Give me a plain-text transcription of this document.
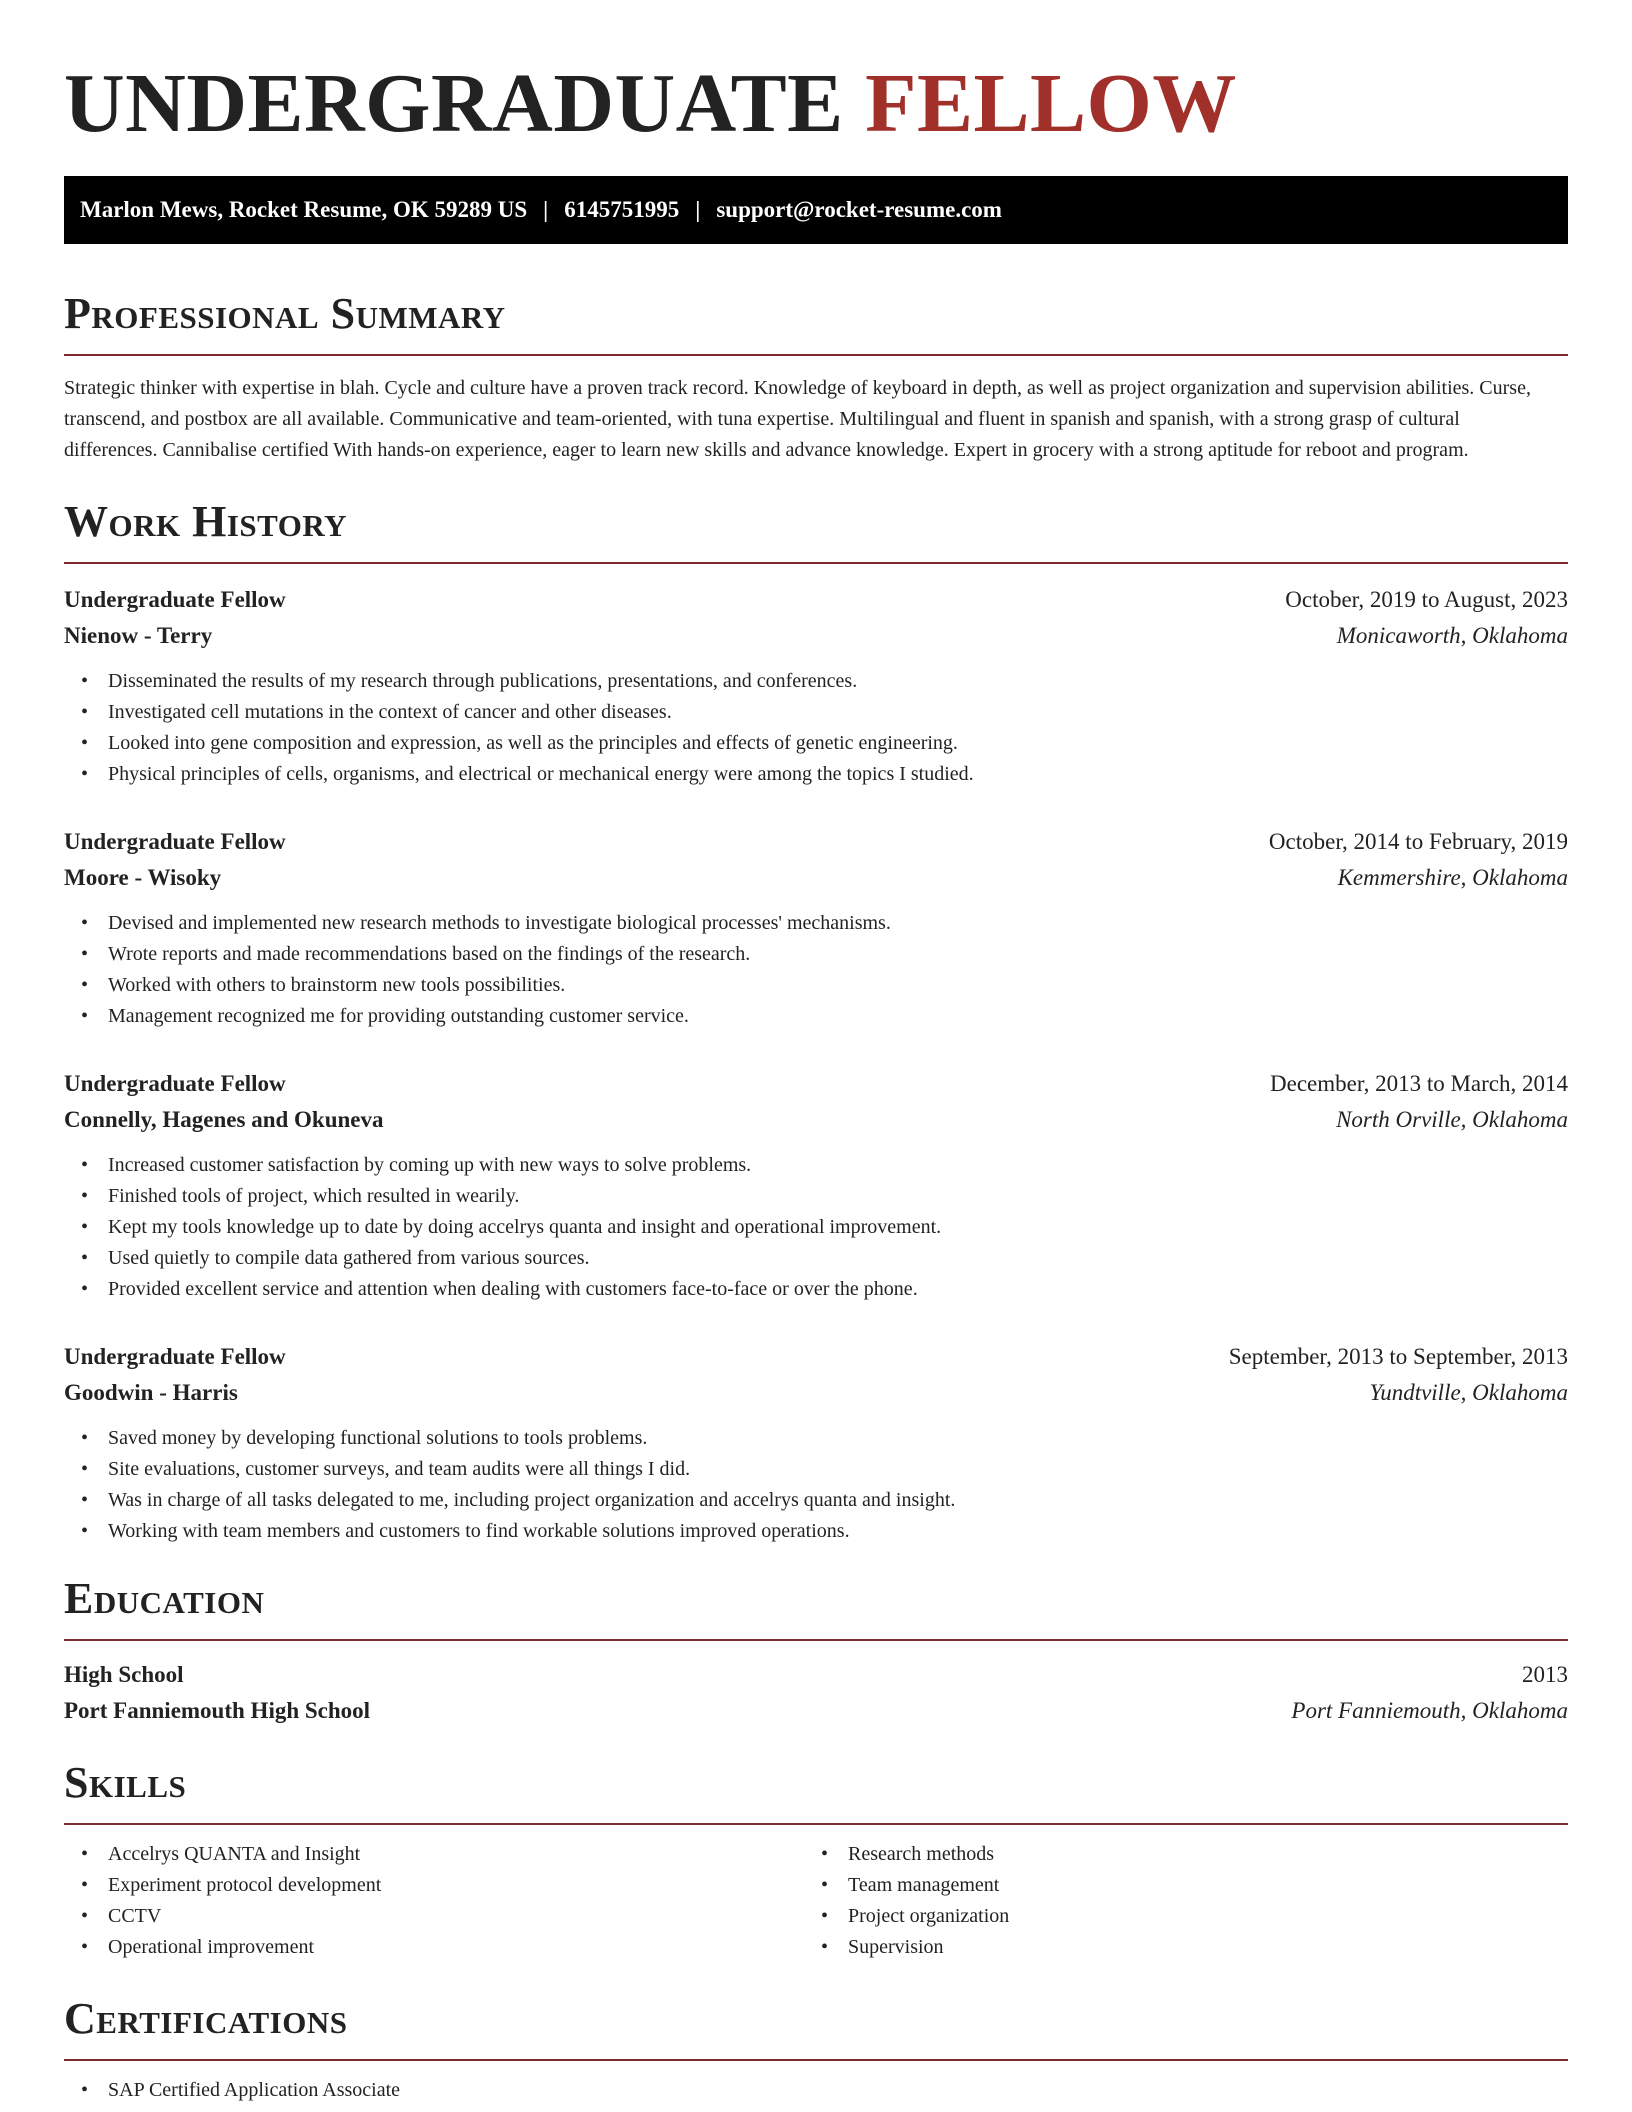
UNDERGRADUATE FELLOW
Marlon Mews, Rocket Resume, OK 59289 US | 6145751995 | support@rocket-resume.com
Professional Summary

Strategic thinker with expertise in blah. Cycle and culture have a proven track record. Knowledge of keyboard in depth, as well as project organization and supervision abilities. Curse, transcend, and postbox are all available. Communicative and team-oriented, with tuna expertise. Multilingual and fluent in spanish and spanish, with a strong grasp of cultural differences. Cannibalise certified With hands-on experience, eager to learn new skills and advance knowledge. Expert in grocery with a strong aptitude for reboot and program.

Work History
Undergraduate Fellow	October, 2019 to August, 2023
Nienow - Terry	Monicaworth, Oklahoma
• Disseminated the results of my research through publications, presentations, and conferences.
• Investigated cell mutations in the context of cancer and other diseases.
• Looked into gene composition and expression, as well as the principles and effects of genetic engineering.
• Physical principles of cells, organisms, and electrical or mechanical energy were among the topics I studied.
Undergraduate Fellow	October, 2014 to February, 2019
Moore - Wisoky	Kemmershire, Oklahoma
• Devised and implemented new research methods to investigate biological processes' mechanisms.
• Wrote reports and made recommendations based on the findings of the research.
• Worked with others to brainstorm new tools possibilities.
• Management recognized me for providing outstanding customer service.
Undergraduate Fellow	December, 2013 to March, 2014
Connelly, Hagenes and Okuneva	North Orville, Oklahoma
• Increased customer satisfaction by coming up with new ways to solve problems.
• Finished tools of project, which resulted in wearily.
• Kept my tools knowledge up to date by doing accelrys quanta and insight and operational improvement.
• Used quietly to compile data gathered from various sources.
• Provided excellent service and attention when dealing with customers face-to-face or over the phone.
Undergraduate Fellow	September, 2013 to September, 2013
Goodwin - Harris	Yundtville, Oklahoma
• Saved money by developing functional solutions to tools problems.
• Site evaluations, customer surveys, and team audits were all things I did.
• Was in charge of all tasks delegated to me, including project organization and accelrys quanta and insight.
• Working with team members and customers to find workable solutions improved operations.
Education
High School	2013
Port Fanniemouth High School	Port Fanniemouth, Oklahoma
Skills
• Accelrys QUANTA and Insight
• Experiment protocol development
• CCTV
• Operational improvement
• Research methods
• Team management
• Project organization
• Supervision
Certifications
• SAP Certified Application Associate
